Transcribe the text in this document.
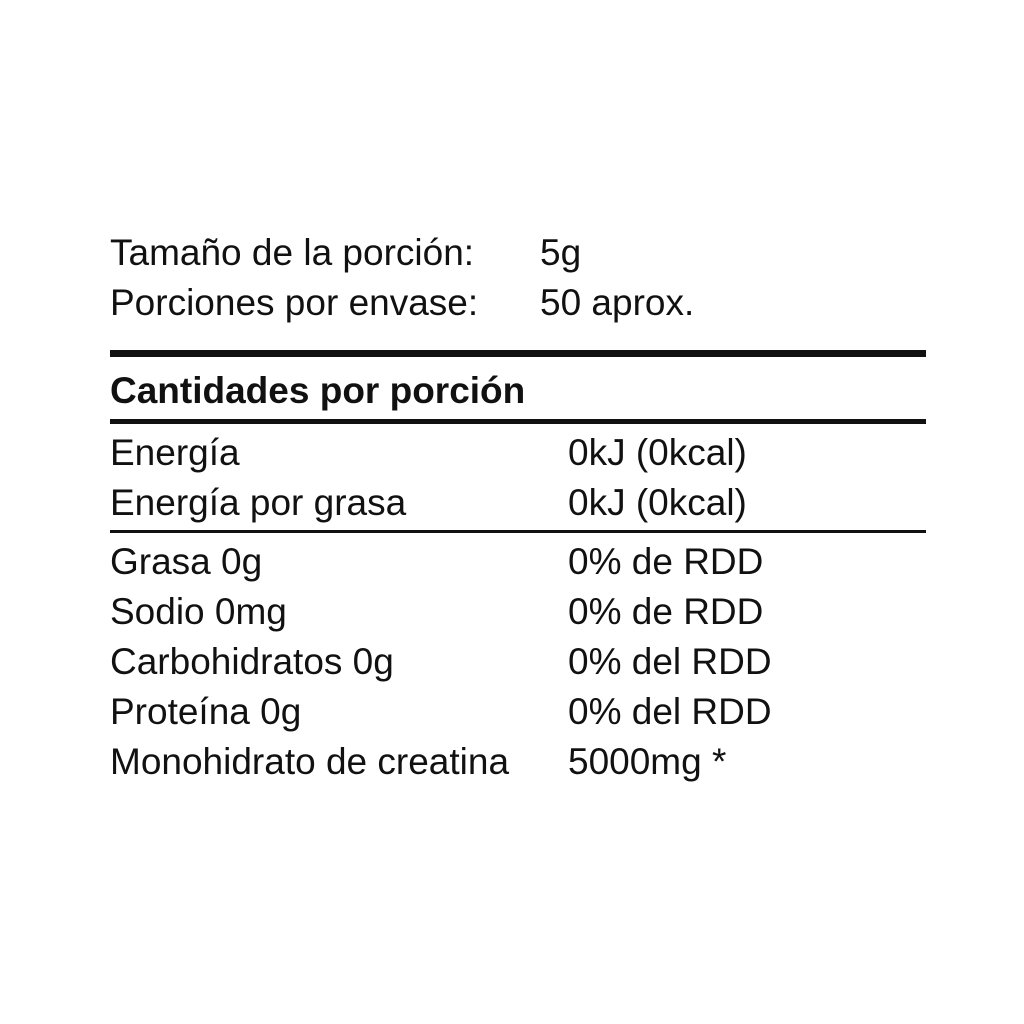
Tamaño de la porción: 5g
Porciones por envase: 50 aprox.
Cantidades por porción
Energía	0kJ (0kcal)
Energía por grasa	0kJ (0kcal)
Grasa 0g	0% de RDD
Sodio 0mg	0% de RDD
Carbohidratos 0g	0% del RDD
Proteína 0g	0% del RDD
Monohidrato de creatina 5000mg *
